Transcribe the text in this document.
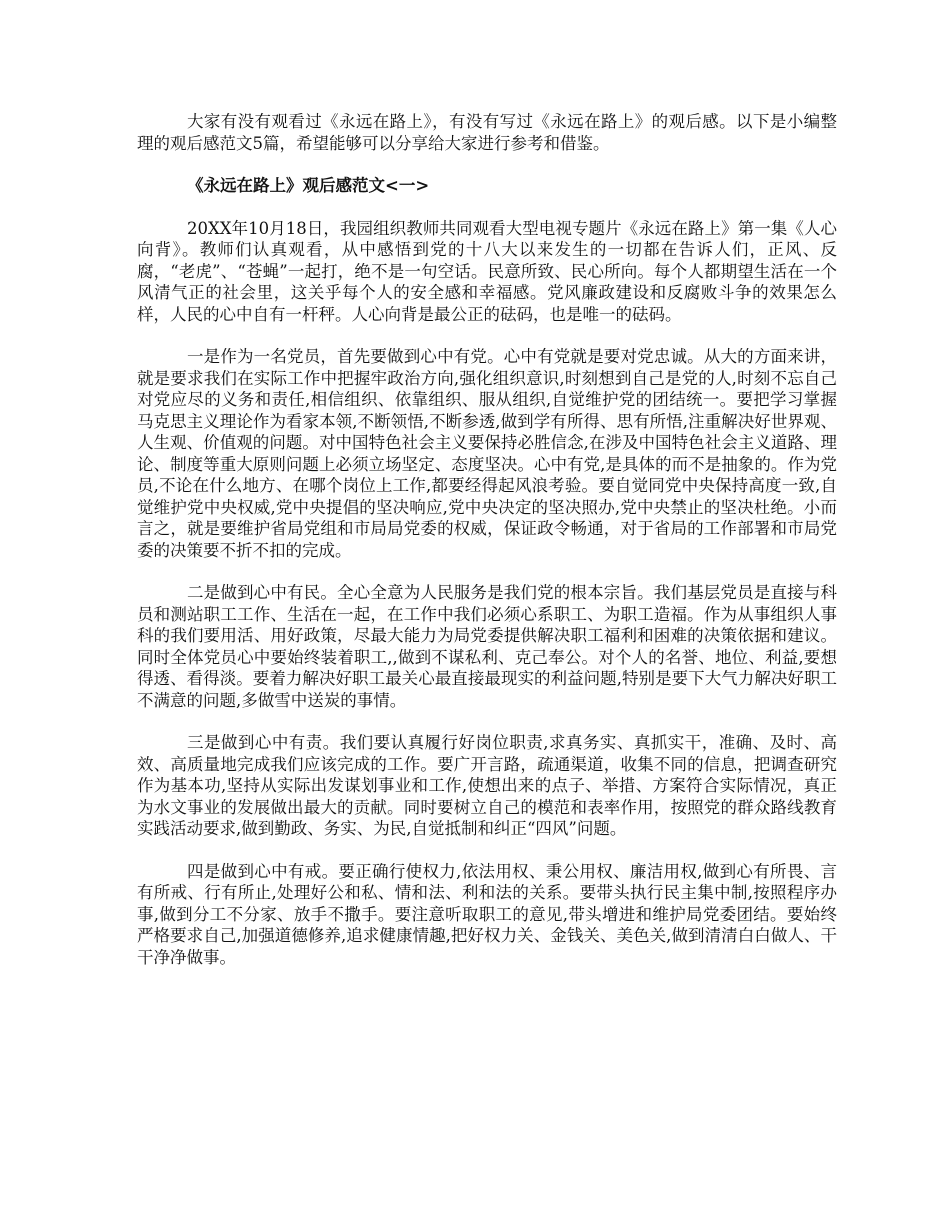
大家有没有观看过《永远在路上》，有没有写过《永远在路上》的观后感。以下是小编整理的观后感范文5篇，希望能够可以分享给大家进行参考和借鉴。

《永远在路上》观后感范文<一>

20XX年10月18日，我园组织教师共同观看大型电视专题片《永远在路上》第一集《人心向背》。教师们认真观看，从中感悟到党的十八大以来发生的一切都在告诉人们，正风、反腐，“老虎”、“苍蝇”一起打，绝不是一句空话。民意所致、民心所向。每个人都期望生活在一个风清气正的社会里，这关乎每个人的安全感和幸福感。党风廉政建设和反腐败斗争的效果怎么样，人民的心中自有一杆秤。人心向背是最公正的砝码，也是唯一的砝码。

一是作为一名党员，首先要做到心中有党。心中有党就是要对党忠诚。从大的方面来讲，就是要求我们在实际工作中把握牢政治方向,强化组织意识,时刻想到自己是党的人,时刻不忘自己对党应尽的义务和责任,相信组织、依靠组织、服从组织,自觉维护党的团结统一。要把学习掌握马克思主义理论作为看家本领,不断领悟,不断参透,做到学有所得、思有所悟,注重解决好世界观、人生观、价值观的问题。对中国特色社会主义要保持必胜信念,在涉及中国特色社会主义道路、理论、制度等重大原则问题上必须立场坚定、态度坚决。心中有党,是具体的而不是抽象的。作为党员,不论在什么地方、在哪个岗位上工作,都要经得起风浪考验。要自觉同党中央保持高度一致,自觉维护党中央权威,党中央提倡的坚决响应,党中央决定的坚决照办,党中央禁止的坚决杜绝。小而言之，就是要维护省局党组和市局局党委的权威，保证政令畅通，对于省局的工作部署和市局党委的决策要不折不扣的完成。

二是做到心中有民。全心全意为人民服务是我们党的根本宗旨。我们基层党员是直接与科员和测站职工工作、生活在一起，在工作中我们必须心系职工、为职工造福。作为从事组织人事科的我们要用活、用好政策，尽最大能力为局党委提供解决职工福利和困难的决策依据和建议。同时全体党员心中要始终装着职工,,做到不谋私利、克己奉公。对个人的名誉、地位、利益,要想得透、看得淡。要着力解决好职工最关心最直接最现实的利益问题,特别是要下大气力解决好职工不满意的问题,多做雪中送炭的事情。

三是做到心中有责。我们要认真履行好岗位职责,求真务实、真抓实干，准确、及时、高效、高质量地完成我们应该完成的工作。要广开言路，疏通渠道，收集不同的信息，把调查研究作为基本功,坚持从实际出发谋划事业和工作,使想出来的点子、举措、方案符合实际情况，真正为水文事业的发展做出最大的贡献。同时要树立自己的模范和表率作用，按照党的群众路线教育实践活动要求,做到勤政、务实、为民,自觉抵制和纠正“四风”问题。

四是做到心中有戒。要正确行使权力,依法用权、秉公用权、廉洁用权,做到心有所畏、言有所戒、行有所止,处理好公和私、情和法、利和法的关系。要带头执行民主集中制,按照程序办事,做到分工不分家、放手不撒手。要注意听取职工的意见,带头增进和维护局党委团结。要始终严格要求自己,加强道德修养,追求健康情趣,把好权力关、金钱关、美色关,做到清清白白做人、干干净净做事。
